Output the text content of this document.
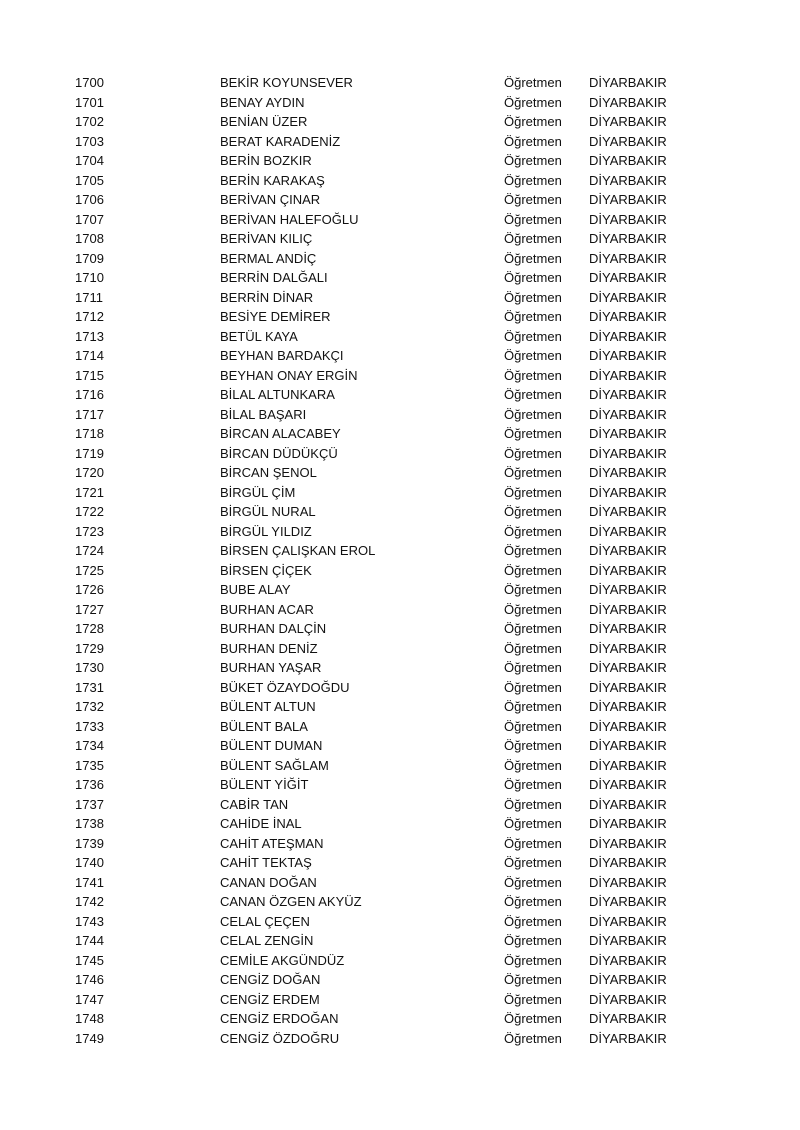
1700	BEKİR KOYUNSEVER	Öğretmen DİYARBAKIR
1701	BENAY AYDIN	Öğretmen DİYARBAKIR
1702	BENİAN ÜZER	Öğretmen DİYARBAKIR
1703	BERAT KARADENİZ	Öğretmen DİYARBAKIR
1704	BERİN BOZKIR	Öğretmen DİYARBAKIR
1705	BERİN KARAKAŞ	Öğretmen DİYARBAKIR
1706	BERİVAN ÇINAR	Öğretmen DİYARBAKIR
1707	BERİVAN HALEFOĞLU	Öğretmen DİYARBAKIR
1708	BERİVAN KILIÇ	Öğretmen DİYARBAKIR
1709	BERMAL ANDİÇ	Öğretmen DİYARBAKIR
1710	BERRİN DALĞALI	Öğretmen DİYARBAKIR
1711	BERRİN DİNAR	Öğretmen DİYARBAKIR
1712	BESİYE DEMİRER	Öğretmen DİYARBAKIR
1713	BETÜL KAYA	Öğretmen DİYARBAKIR
1714	BEYHAN BARDAKÇI	Öğretmen DİYARBAKIR
1715	BEYHAN ONAY ERGİN	Öğretmen DİYARBAKIR
1716	BİLAL ALTUNKARA	Öğretmen DİYARBAKIR
1717	BİLAL BAŞARI	Öğretmen DİYARBAKIR
1718	BİRCAN ALACABEY	Öğretmen DİYARBAKIR
1719	BİRCAN DÜDÜKÇÜ	Öğretmen DİYARBAKIR
1720	BİRCAN ŞENOL	Öğretmen DİYARBAKIR
1721	BİRGÜL ÇİM	Öğretmen DİYARBAKIR
1722	BİRGÜL NURAL	Öğretmen DİYARBAKIR
1723	BİRGÜL YILDIZ	Öğretmen DİYARBAKIR
1724	BİRSEN ÇALIŞKAN EROL	Öğretmen DİYARBAKIR
1725	BİRSEN ÇİÇEK	Öğretmen DİYARBAKIR
1726	BUBE ALAY	Öğretmen DİYARBAKIR
1727	BURHAN ACAR	Öğretmen DİYARBAKIR
1728	BURHAN DALÇİN	Öğretmen DİYARBAKIR
1729	BURHAN DENİZ	Öğretmen DİYARBAKIR
1730	BURHAN YAŞAR	Öğretmen DİYARBAKIR
1731	BÜKET ÖZAYDOĞDU	Öğretmen DİYARBAKIR
1732	BÜLENT ALTUN	Öğretmen DİYARBAKIR
1733	BÜLENT BALA	Öğretmen DİYARBAKIR
1734	BÜLENT DUMAN	Öğretmen DİYARBAKIR
1735	BÜLENT SAĞLAM	Öğretmen DİYARBAKIR
1736	BÜLENT YİĞİT	Öğretmen DİYARBAKIR
1737	CABİR TAN	Öğretmen DİYARBAKIR
1738	CAHİDE İNAL	Öğretmen DİYARBAKIR
1739	CAHİT ATEŞMAN	Öğretmen DİYARBAKIR
1740	CAHİT TEKTAŞ	Öğretmen DİYARBAKIR
1741	CANAN DOĞAN	Öğretmen DİYARBAKIR
1742	CANAN ÖZGEN AKYÜZ	Öğretmen DİYARBAKIR
1743	CELAL ÇEÇEN	Öğretmen DİYARBAKIR
1744	CELAL ZENGİN	Öğretmen DİYARBAKIR
1745	CEMİLE AKGÜNDÜZ	Öğretmen DİYARBAKIR
1746	CENGİZ DOĞAN	Öğretmen DİYARBAKIR
1747	CENGİZ ERDEM	Öğretmen DİYARBAKIR
1748	CENGİZ ERDOĞAN	Öğretmen DİYARBAKIR
1749	CENGİZ ÖZDOĞRU	Öğretmen DİYARBAKIR
